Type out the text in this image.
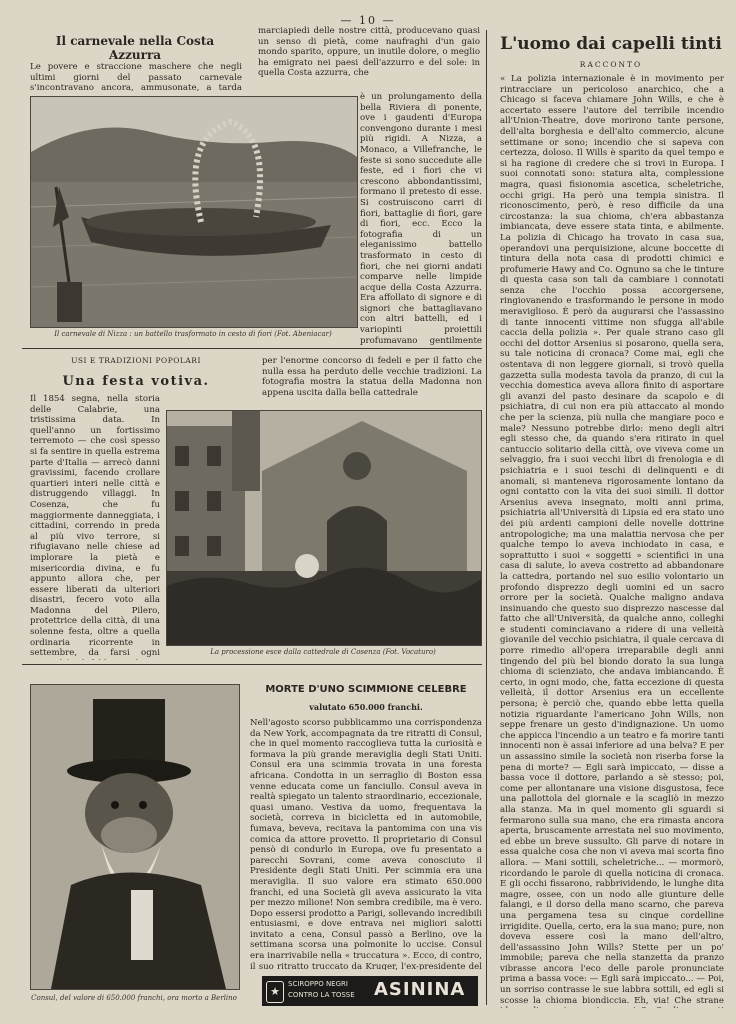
— 10 —
Il carnevale nella Costa Azzurra

Le povere e straccione maschere che negli ultimi giorni del passato carnevale s'incontravano ancora, ammusonate, a tarda

marciapiedi delle nostre città, producevano quasi un senso di pietà, come naufraghi d'un gaio mondo sparito, oppure, un inutile dolore, o meglio ha emigrato nei paesi dell'azzurro e del sole: in quella Costa azzurra, che

è un prolungamento della bella Riviera di ponente, ove i gaudenti d'Europa convengono durante i mesi più rigidi. A Nizza, a Monaco, a Villefranche, le feste si sono succedute alle feste, ed i fiori che vi crescono abbondantissimi, formano il pretesto di esse. Si costruiscono carri di fiori, battaglie di fiori, gare di fiori, ecc. Ecco la fotografia di un eleganissimo battello trasformato in cesto di fiori, che nei giorni andati comparve nelle limpide acque della Costa Azzurra. Era affollato di signore e di signori che battagliavano con altri battelli, ed i variopinti proiettili profumavano gentilmente

Il carnevale di Nizza : un battello trasformato in cesto di fiori (Fot. Abeniacar)
USI E TRADIZIONI POPOLARI
Una festa votiva.

Il 1854 segna, nella storia delle Calabrie, una tristissima data. In quell'anno un fortissimo terremoto — che così spesso si fa sentire in quella estrema parte d'Italia — arrecò danni gravissimi, facendo crollare quartieri interi nelle città e distruggendo villaggi. In Cosenza, che fu maggiormente danneggiata, i cittadini, correndo in preda al più vivo terrore, si rifugiavano nelle chiese ad implorare la pietà e misericordia divina, e fu appunto allora che, per essere liberati da ulteriori disastri, fecero voto alla Madonna del Pilero, protettrice della città, di una solenne festa, oltre a quella ordinaria ricorrente in settembre, da farsi ogni

per l'enorme concorso di fedeli e per il fatto che nulla essa ha perduto delle vecchie tradizioni. La fotografia mostra la statua della Madonna non appena uscita dalla bella cattedrale

La processione esce dalla cattedrale di Cosenza (Fot. Vocaturo)
Consul, del valore di 650.000 franchi, ora morto a Berlino
MORTE D'UNO SCIMMIONE CELEBRE
valutato 650.000 franchi.

Nell'agosto scorso pubblicammo una corrispondenza da New York, accompagnata da tre ritratti di Consul, che in quel momento raccoglieva tutta la curiosità e formava la più grande meraviglia degli Stati Uniti. Consul era una scimmia trovata in una foresta africana. Condotta in un serraglio di Boston essa venne educata come un fanciullo. Consul aveva in realtà spiegato un talento straordinario, eccezionale, quasi umano. Vestiva da uomo, frequentava la società, correva in bicicletta ed in automobile, fumava, beveva, recitava la pantomima con una vis comica da attore provetto. Il proprietario di Consul pensò di condurlo in Europa, ove fu presentato a parecchi Sovrani, come aveva conosciuto il Presidente degli Stati Uniti. Per scimmia era una meraviglia. Il suo valore era stimato 650.000 franchi, ed una Società gli aveva assicurato la vita per mezzo milione! Non sembra credibile, ma è vero. Dopo essersi prodotto a Parigi, sollevando incredibili entusiasmi, e dove entrava nei migliori salotti invitato a cena, Consul passò a Berlino, ove la settimana scorsa una polmonite lo uccise. Consul era inarrivabile nella « truccatura ». Ecco, di contro, il suo ritratto truccato da Kruger, l'ex-presidente del

★
SCIROPPO NEGRI
CONTRO LA TOSSE	ASININA
L'uomo dai capelli tinti
RACCONTO

« La polizia internazionale è in movimento per rintracciare un pericoloso anarchico, che a Chicago si faceva chiamare John Wills, e che è accertato essere l'autore del terribile incendio all'Union-Theatre, dove morirono tante persone, dell'alta borghesia e dell'alto commercio, alcune settimane or sono; incendio che si sapeva con certezza, doloso. Il Wills è sparito da quel tempo e si ha ragione di credere che si trovi in Europa. I suoi connotati sono: statura alta, complessione magra, quasi fisionomia ascetica, scheletriche, occhi grigi. Ha però una tempia sinistra. Il riconoscimento, però, è reso difficile da una circostanza: la sua chioma, ch'era abbastanza imbiancata, deve essere stata tinta, e abilmente. La polizia di Chicago ha trovato in casa sua, operandovi una perquisizione, alcune boccette di tintura della nota casa di prodotti chimici e profumerie Hawy and Co. Ognuno sa che le tinture di questa casa son tali da cambiare i connotati senza che l'occhio possa accorgersene, ringiovanendo e trasformando le persone in modo meraviglioso. È però da augurarsi che l'assassino di tante innocenti vittime non sfugga all'abile caccia della polizia ». Per quale strano caso gli occhi del dottor Arsenius si posarono, quella sera, su tale noticina di cronaca? Come mai, egli che ostentava di non leggere giornali, si trovò quella gazzetta sulla modesta tavola da pranzo, di cui la vecchia domestica aveva allora finito di asportare gli avanzi del pasto desinare da scapolo e di psichiatra, di cui non era più attaccato al mondo che per la scienza, più nulla che mangiare poco e male? Nessuno potrebbe dirlo: meno degli altri egli stesso che, da quando s'era ritirato in quel cantuccio solitario della città, ove viveva come un selvaggio, fra i suoi vecchi libri di frenologia e di psichiatria e i suoi teschi di delinquenti e di anomali, si manteneva rigorosamente lontano da ogni contatto con la vita dei suoi simili. Il dottor Arsenius aveva insegnato, molti anni prima, psichiatria all'Università di Lipsia ed era stato uno dei più ardenti campioni delle novelle dottrine antropologiche; ma una malattia nervosa che per qualche tempo lo aveva inchiodato in casa, e soprattutto i suoi « soggetti » scientifici in una casa di salute, lo aveva costretto ad abbandonare la cattedra, portando nel suo esilio volontario un profondo disprezzo degli uomini ed un sacro orrore per la società. Qualche maligno andava insinuando che questo suo disprezzo nascesse dal fatto che all'Università, da qualche anno, colleghi e studenti cominciavano a ridere di una velleità giovanile del vecchio psichiatra, il quale cercava di porre rimedio all'opera irreparabile degli anni tingendo del più bel biondo dorato la sua lunga chioma di scienziato, che andava imbiancando. È certo, in ogni modo, che, fatta eccezione di questa velleità, il dottor Arsenius era un eccellente persona; è perciò che, quando ebbe letta quella notizia riguardante l'americano John Wills, non seppe frenare un gesto d'indignazione. Un uomo che appicca l'incendio a un teatro e fa morire tanti innocenti non è assai inferiore ad una belva? E per un assassino simile la società non riserba forse la pena di morte? — Egli sarà impiccato, — disse a bassa voce il dottore, parlando a sè stesso; poi, come per allontanare una visione disgustosa, fece una pallottola del giornale e la scagliò in mezzo alla stanza. Ma in quel momento gli sguardi si fermarono sulla sua mano, che era rimasta ancora aperta, bruscamente arrestata nel suo movimento, ed ebbe un breve sussulto. Gli parve di notare in essa qualche cosa che non vi aveva mai scorta fino allora. — Mani sottili, scheletriche... — mormorò, ricordando le parole di quella noticina di cronaca. E gli occhi fissarono, rabbrividendo, le lunghe dita magre, ossee, con un nodo alle giunture delle falangi, e il dorso della mano scarno, che pareva una pergamena tesa su cinque cordelline irrigidite. Quella, certo, era la sua mano; pure, non doveva essere così la mano dell'altro, dell'assassino John Wills? Stette per un po' immobile; pareva che nella stanzetta da pranzo vibrasse ancora l'eco delle parole pronunciate prima a bassa voce: — Egli sarà impiccato... — Poi, un sorriso contrasse le sue labbra sottili, ed egli si scosse la chioma biondiccia. Eh, via! Che strane
